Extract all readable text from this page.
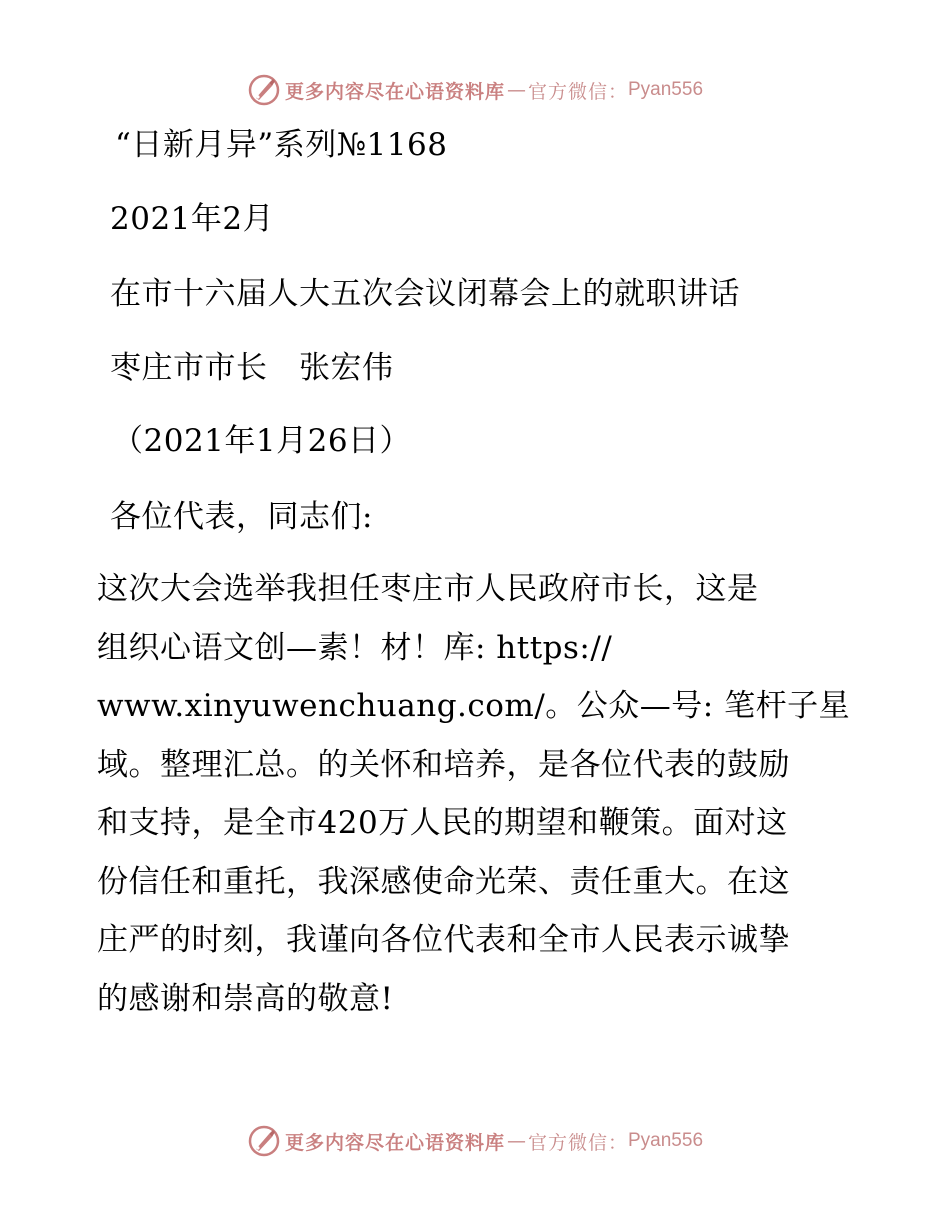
更多内容尽在心语资料库 — 官方微信： Pyan556
“日新月异”系列№1168
2021年2月
在市十六届人大五次会议闭幕会上的就职讲话
枣庄市市长　张宏伟
（2021年1月26日）
各位代表，同志们:
这次大会选举我担任枣庄市人民政府市长，这是
组织心语文创—素！材！库: https://
www.xinyuwenchuang.com/。公众—号: 笔杆子星
域。整理汇总。的关怀和培养，是各位代表的鼓励
和支持，是全市420万人民的期望和鞭策。面对这
份信任和重托，我深感使命光荣、责任重大。在这
庄严的时刻，我谨向各位代表和全市人民表示诚挚
的感谢和崇高的敬意!
更多内容尽在心语资料库 — 官方微信： Pyan556
